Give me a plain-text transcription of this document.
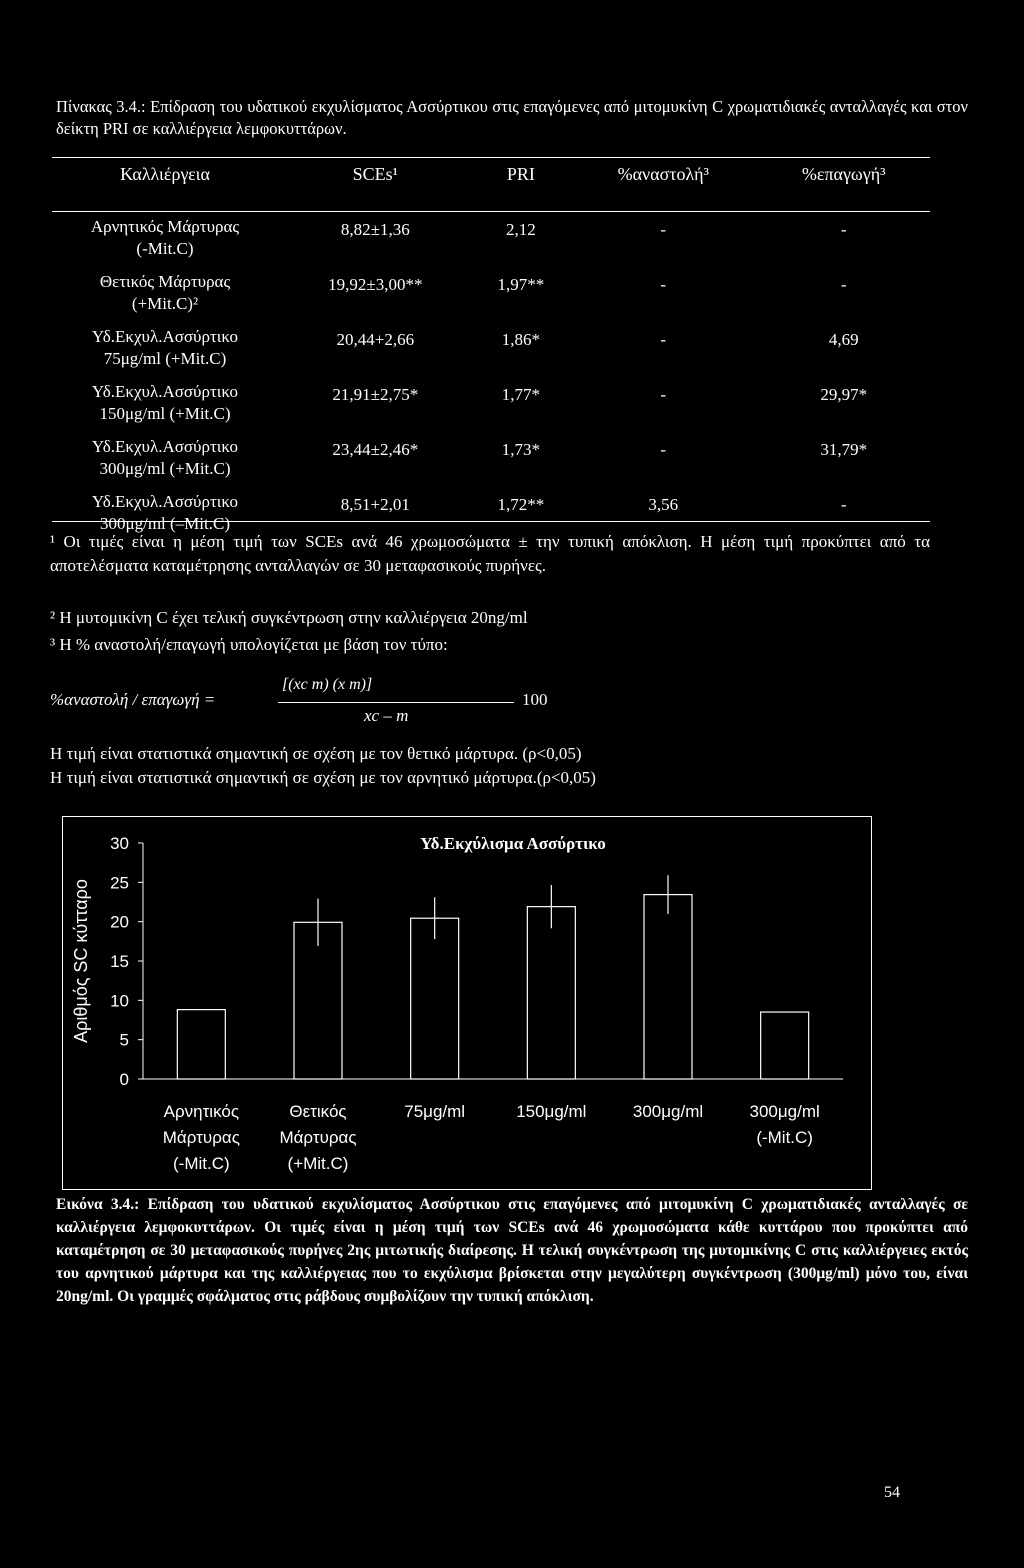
Πίνακας 3.4.: Επίδραση του υδατικού εκχυλίσματος Ασσύρτικου στις επαγόμενες από μιτομυκίνη C χρωματιδιακές ανταλλαγές και στον δείκτη PRI σε καλλιέργεια λεμφοκυττάρων.
Καλλιέργεια	SCEs¹	PRI	%αναστολή³	%επαγωγή³

Αρνητικός Μάρτυρας
(-Mit.C)	8,82±1,36	2,12	-	-

Θετικός Μάρτυρας
(+Mit.C)²	19,92±3,00**	1,97**	-	-

Υδ.Εκχυλ.Ασσύρτικο
75μg/ml (+Mit.C)	20,44+2,66	1,86*	-	4,69

Υδ.Εκχυλ.Ασσύρτικο
150μg/ml (+Mit.C)	21,91±2,75*	1,77*	-	29,97*

Υδ.Εκχυλ.Ασσύρτικο
300μg/ml (+Mit.C)	23,44±2,46*	1,73*	-	31,79*

Υδ.Εκχυλ.Ασσύρτικο
300μg/ml (–Mit.C)	8,51+2,01	1,72**	3,56	-
¹ Οι τιμές είναι η μέση τιμή των SCEs ανά 46 χρωμοσώματα ± την τυπική απόκλιση. Η μέση τιμή προκύπτει από τα αποτελέσματα καταμέτρησης ανταλλαγών σε 30 μεταφασικούς πυρήνες.
² Η μυτομικίνη C έχει τελική συγκέντρωση στην καλλιέργεια 20ng/ml
³ Η % αναστολή/επαγωγή υπολογίζεται με βάση τον τύπο:
%αναστολή / επαγωγή =
[(xc m) (x m)]
xc – m
100
Η τιμή είναι στατιστικά σημαντική σε σχέση με τον θετικό μάρτυρα. (ρ<0,05)
Η τιμή είναι στατιστικά σημαντική σε σχέση με τον αρνητικό μάρτυρα.(ρ<0,05)
Υδ.Εκχύλισμα Ασσύρτικο
Αριθμός SC κύτταρο
0
5
10
15
20
25
30
Αρνητικός
Μάρτυρας
(-Mit.C)
Θετικός
Μάρτυρας
(+Mit.C)
75μg/ml	150μg/ml	300μg/ml	300μg/ml
(-Mit.C)
Εικόνα 3.4.: Επίδραση του υδατικού εκχυλίσματος Ασσύρτικου στις επαγόμενες από μιτομυκίνη C χρωματιδιακές ανταλλαγές σε καλλιέργεια λεμφοκυττάρων. Οι τιμές είναι η μέση τιμή των SCEs ανά 46 χρωμοσώματα κάθε κυττάρου που προκύπτει από καταμέτρηση σε 30 μεταφασικούς πυρήνες 2ης μιτωτικής διαίρεσης. Η τελική συγκέντρωση της μυτομικίνης C στις καλλιέργειες εκτός του αρνητικού μάρτυρα και της καλλιέργειας που το εκχύλισμα βρίσκεται στην μεγαλύτερη συγκέντρωση (300μg/ml) μόνο του, είναι 20ng/ml. Οι γραμμές σφάλματος στις ράβδους συμβολίζουν την τυπική απόκλιση.
54
